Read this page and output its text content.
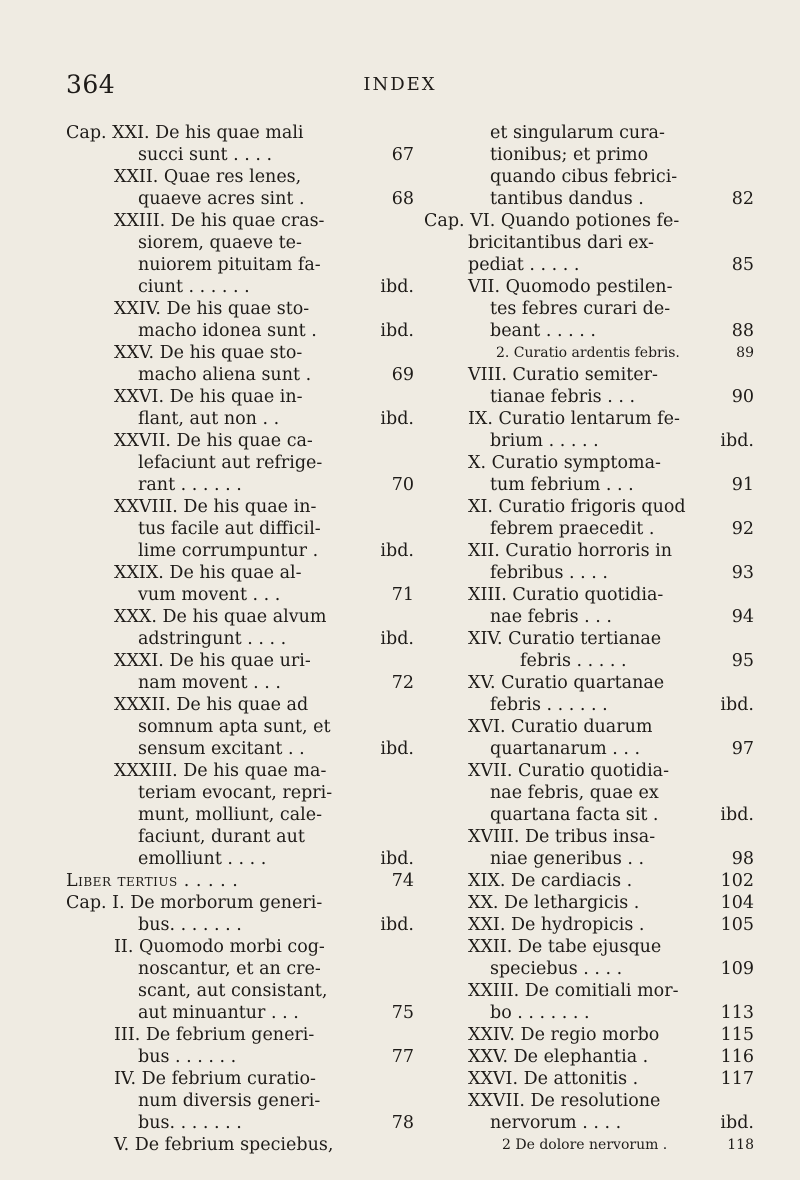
364	INDEX
Cap. XXI. De his quae mali
succi sunt . . . .	67
XXII. Quae res lenes,
quaeve acres sint .	68
XXIII. De his quae cras-
siorem, quaeve te-
nuiorem pituitam fa-
ciunt . . . . . .	ibd.
XXIV. De his quae sto-
macho idonea sunt .	ibd.
XXV. De his quae sto-
macho aliena sunt .	69
XXVI. De his quae in-
flant, aut non . .	ibd.
XXVII. De his quae ca-
lefaciunt aut refrige-
rant . . . . . .	70
XXVIII. De his quae in-
tus facile aut difficil-
lime corrumpuntur .	ibd.
XXIX. De his quae al-
vum movent . . .	71
XXX. De his quae alvum
adstringunt . . . .	ibd.
XXXI. De his quae uri-
nam movent . . .	72
XXXII. De his quae ad
somnum apta sunt, et
sensum excitant . .	ibd.
XXXIII. De his quae ma-
teriam evocant, repri-
munt, molliunt, cale-
faciunt, durant aut
emolliunt . . . .	ibd.
Liber tertius . . . . .	74
Cap. I. De morborum generi-
bus. . . . . . .	ibd.
II. Quomodo morbi cog-
noscantur, et an cre-
scant, aut consistant,
aut minuantur . . .	75
III. De febrium generi-
bus . . . . . .	77
IV. De febrium curatio-
num diversis generi-
bus. . . . . . .	78
V. De febrium speciebus,
et singularum cura-
tionibus; et primo
quando cibus febrici-
tantibus dandus .	82
Cap. VI. Quando potiones fe-
bricitantibus dari ex-
pediat . . . . .	85
VII. Quomodo pestilen-
tes febres curari de-
beant . . . . .	88
2. Curatio ardentis febris.	89
VIII. Curatio semiter-
tianae febris . . .	90
IX. Curatio lentarum fe-
brium . . . . .	ibd.
X. Curatio symptoma-
tum febrium . . .	91
XI. Curatio frigoris quod
febrem praecedit .	92
XII. Curatio horroris in
febribus . . . .	93
XIII. Curatio quotidia-
nae febris . . .	94
XIV. Curatio tertianae
febris . . . . .	95
XV. Curatio quartanae
febris . . . . . .	ibd.
XVI. Curatio duarum
quartanarum . . .	97
XVII. Curatio quotidia-
nae febris, quae ex
quartana facta sit .	ibd.
XVIII. De tribus insa-
niae generibus . .	98
XIX. De cardiacis .	102
XX. De lethargicis .	104
XXI. De hydropicis .	105
XXII. De tabe ejusque
speciebus . . . .	109
XXIII. De comitiali mor-
bo . . . . . . .	113
XXIV. De regio morbo	115
XXV. De elephantia .	116
XXVI. De attonitis .	117
XXVII. De resolutione
nervorum . . . .	ibd.
2 De dolore nervorum .	118
